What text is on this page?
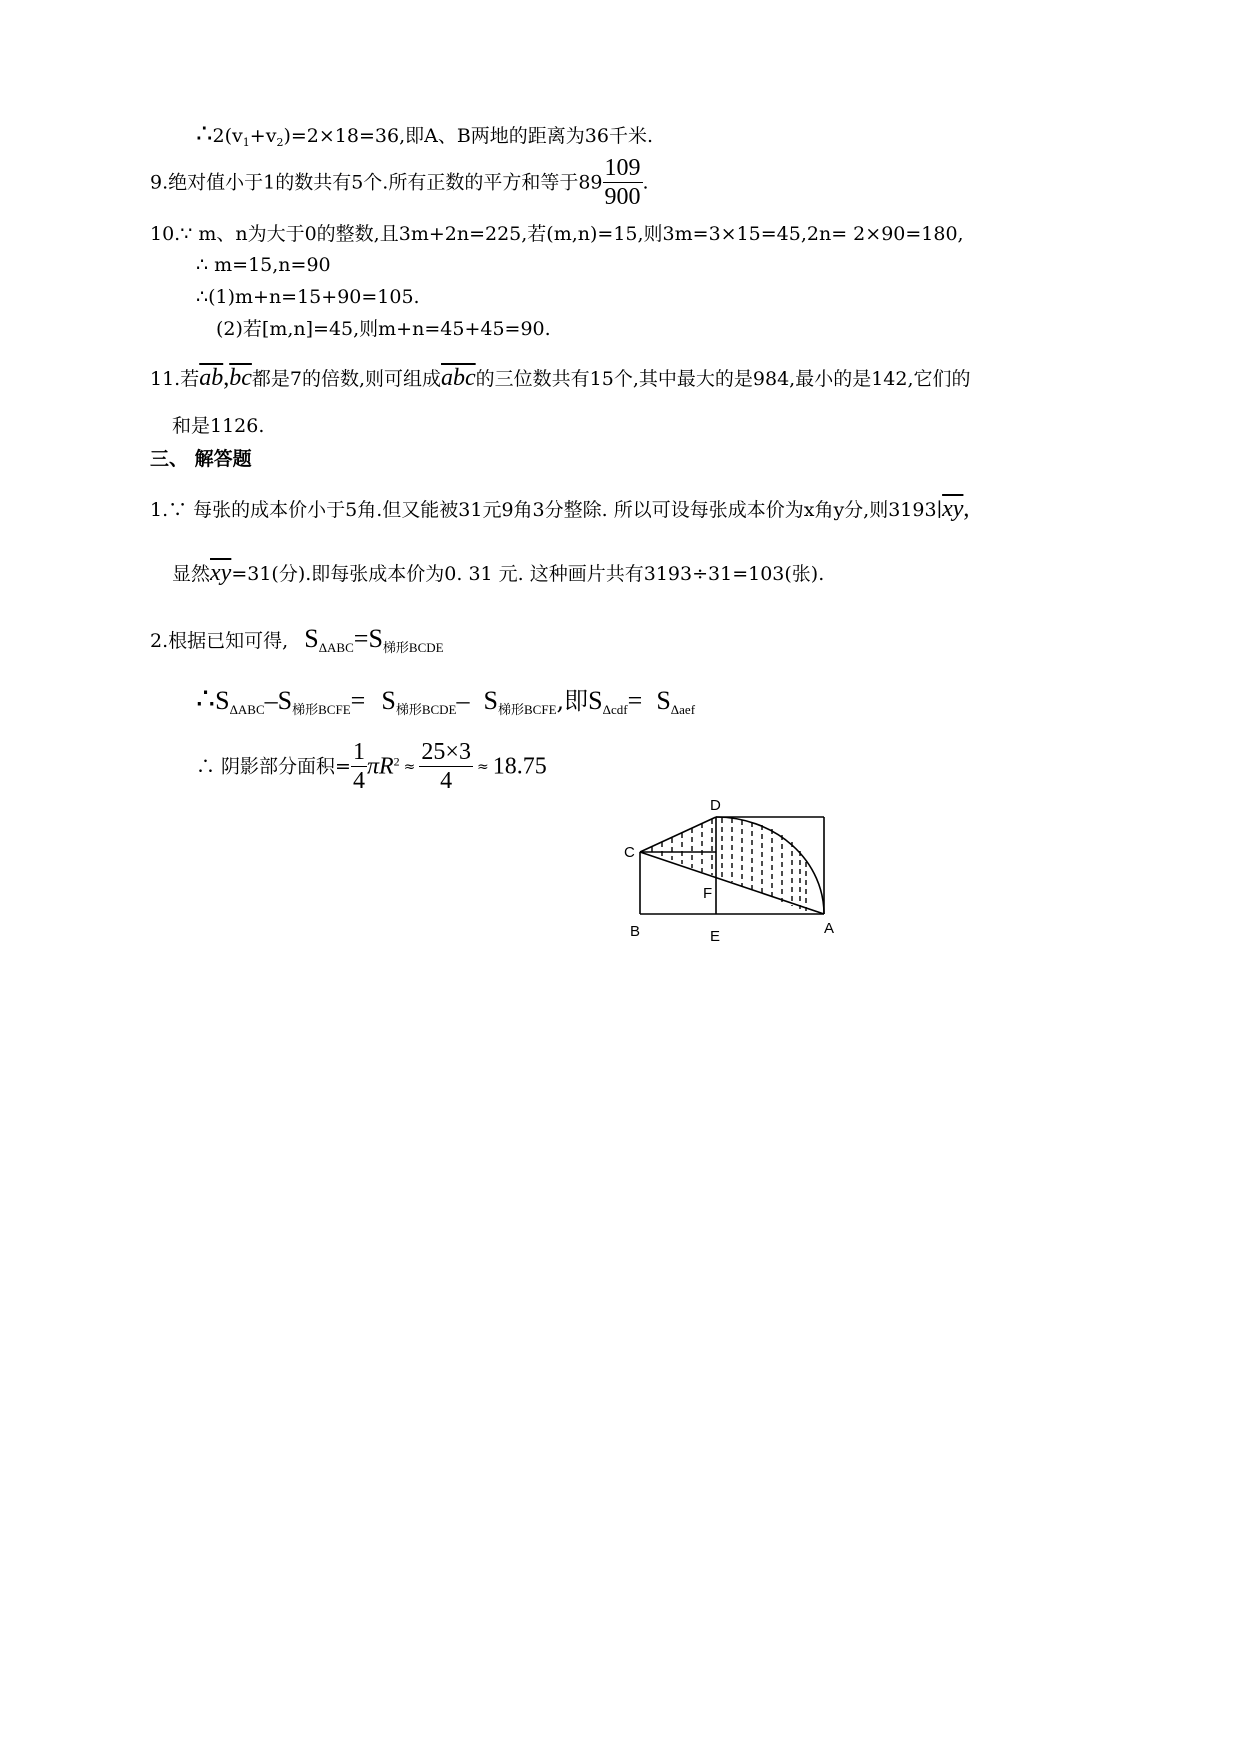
$\therefore 2(v_1+v_2)=2\times 18=36$,即A、B两地的距离为36千米.
9.绝对值小于1的数共有5个.所有正数的平方和等于$89 \frac{109}{900}$ .
10.∵ m、n为大于0的整数,且3m+2n=225,若(m,n)=15,则3m=3×15=45,2n= 2×90=180,
∴ m=15,n=90
∴(1)m+n=15+90=105.
(2)若[m,n]=45,则m+n=45+45=90.
11.若$\overline{ab},\overline{bc}$都是7的倍数,则可组成$\overline{abc}$的三位数共有15个,其中最大的是984,最小的是142,它们的
和是1126.
三、 解答题
1.∵ 每张的成本价小于5角.但又能被31元9角3分整除. 所以可设每张成本价为x角y分,则$3193∣\overline{xy}$,
显然$\overline{xy}=31$(分).即每张成本价为0. 31 元. 这种画片共有3193÷31=103(张).
2.根据已知可得, $S_{\Delta ABC}=S_{梯形BCDE}$
$\therefore S_{\Delta ABC}-S_{梯形BCFE}= S_{梯形BCDE}-$ $S_{梯形BCFE}$,即$S_{\Delta cdf}= S_{\Delta aef}$
∴ 阴影部分面积= $\frac{1}{4} \pi R^2 \approx \frac{25\times 3}{4} \approx 18.75$
D
C
F
B	E	A
